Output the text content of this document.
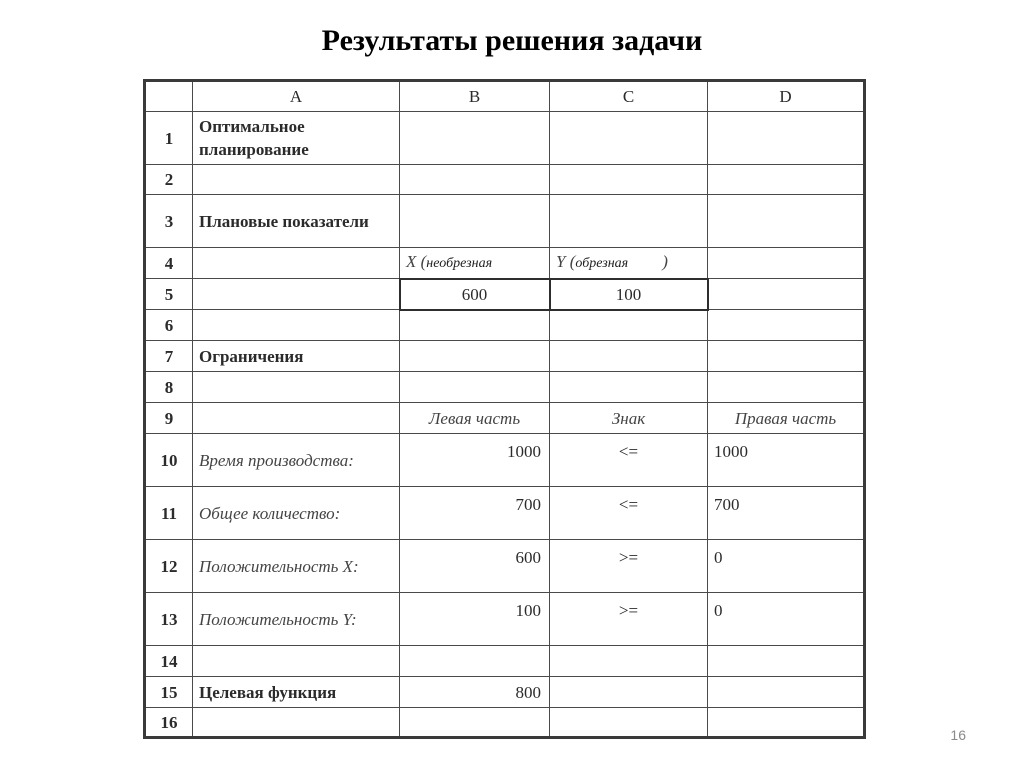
Результаты решения задачи
	A	B	C	D
1	Оптимальное планирование			
2				
3	Плановые показатели			
4		X (необрезная	Y (обрезная )	
5		600	100	
6				
7	Ограничения			
8				
9		Левая часть	Знак	Правая часть
10	Время производства:	1000	<=	1000
11	Общее количество:	700	<=	700
12	Положительность X:	600	>=	0
13	Положительность Y:	100	>=	0
14				
15	Целевая функция	800		
16				
16
